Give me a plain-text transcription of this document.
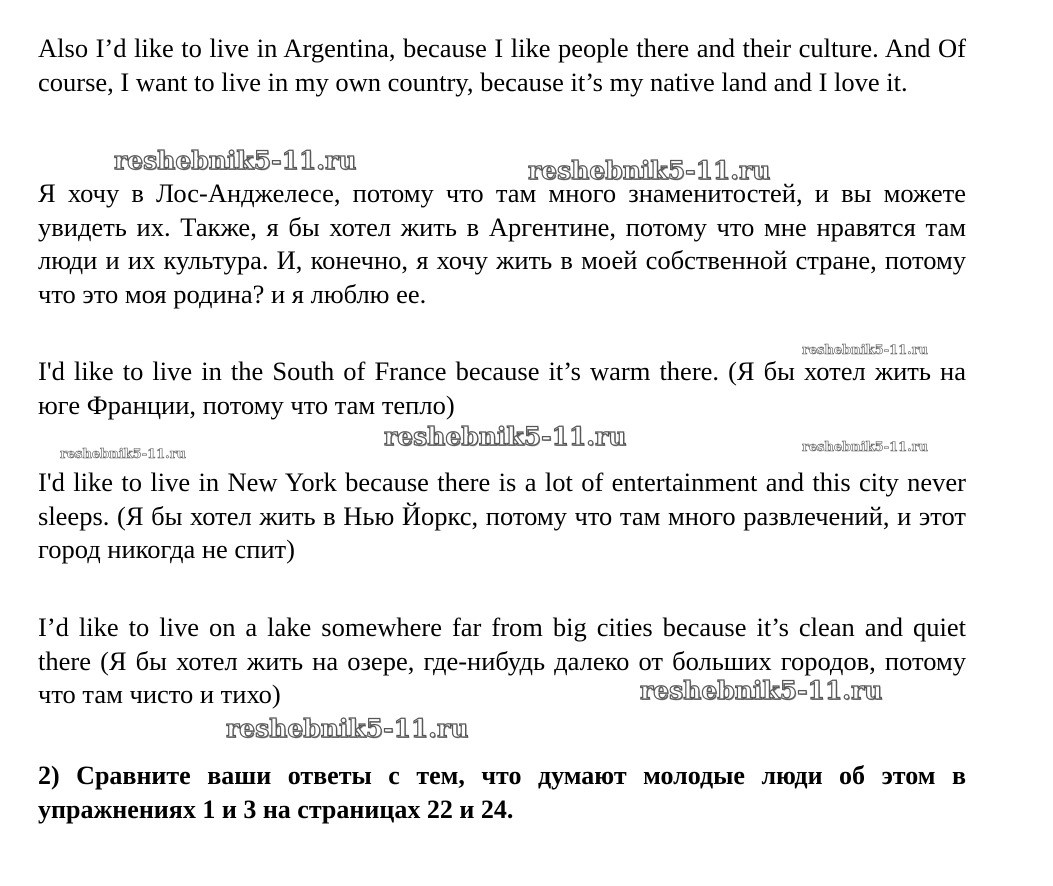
Also I’d like to live in Argentina, because I like people there and their culture. And Of course, I want to live in my own country, because it’s my native land and I love it.

reshebnik5-11.ru	reshebnik5-11.ru

Я хочу в Лос-Анджелесе, потому что там много знаменитостей, и вы можете увидеть их. Также, я бы хотел жить в Аргентине, потому что мне нравятся там люди и их культура. И, конечно, я хочу жить в моей собственной стране, потому что это моя родина? и я люблю ее.

reshebnik5-11.ru

I'd like to live in the South of France because it’s warm there. (Я бы хотел жить на юге Франции, потому что там тепло)

reshebnik5-11.ru
reshebnik5-11.ru	reshebnik5-11.ru

I'd like to live in New York because there is a lot of entertainment and this city never sleeps. (Я бы хотел жить в Нью Йоркс, потому что там много развлечений, и этот город никогда не спит)

I’d like to live on a lake somewhere far from big cities because it’s clean and quiet there (Я бы хотел жить на озере, где-нибудь далеко от больших городов, потому что там чисто и тихо)	reshebnik5-11.ru
reshebnik5-11.ru

2) Сравните ваши ответы с тем, что думают молодые люди об этом в упражнениях 1 и 3 на страницах 22 и 24.
